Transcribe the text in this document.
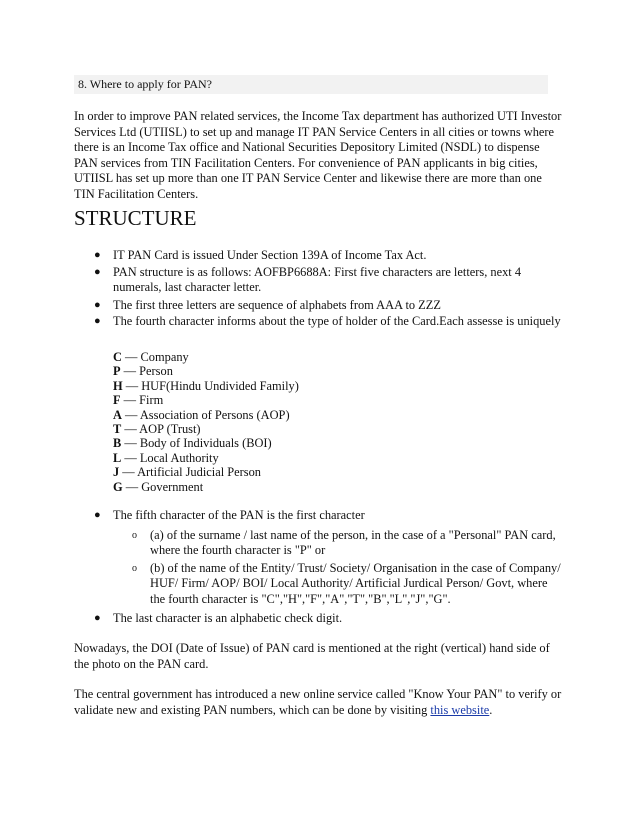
8. Where to apply for PAN?

In order to improve PAN related services, the Income Tax department has authorized UTI Investor Services Ltd (UTIISL) to set up and manage IT PAN Service Centers in all cities or towns where there is an Income Tax office and National Securities Depository Limited (NSDL) to dispense PAN services from TIN Facilitation Centers. For convenience of PAN applicants in big cities, UTIISL has set up more than one IT PAN Service Center and likewise there are more than one TIN Facilitation Centers.

STRUCTURE
● IT PAN Card is issued Under Section 139A of Income Tax Act.
● PAN structure is as follows: AOFBP6688A: First five characters are letters, next 4 numerals, last character letter.
● The first three letters are sequence of alphabets from AAA to ZZZ
● The fourth character informs about the type of holder of the Card.Each assesse is uniquely
C — Company
P — Person
H — HUF(Hindu Undivided Family)
F — Firm
A — Association of Persons (AOP)
T — AOP (Trust)
B — Body of Individuals (BOI)
L — Local Authority
J — Artificial Judicial Person
G — Government
● The fifth character of the PAN is the first character
o (a) of the surname / last name of the person, in the case of a "Personal" PAN card, where the fourth character is "P" or
o (b) of the name of the Entity/ Trust/ Society/ Organisation in the case of Company/ HUF/ Firm/ AOP/ BOI/ Local Authority/ Artificial Jurdical Person/ Govt, where the fourth character is "C","H","F","A","T","B","L","J","G".
● The last character is an alphabetic check digit.

Nowadays, the DOI (Date of Issue) of PAN card is mentioned at the right (vertical) hand side of the photo on the PAN card.

The central government has introduced a new online service called "Know Your PAN" to verify or validate new and existing PAN numbers, which can be done by visiting this website.
